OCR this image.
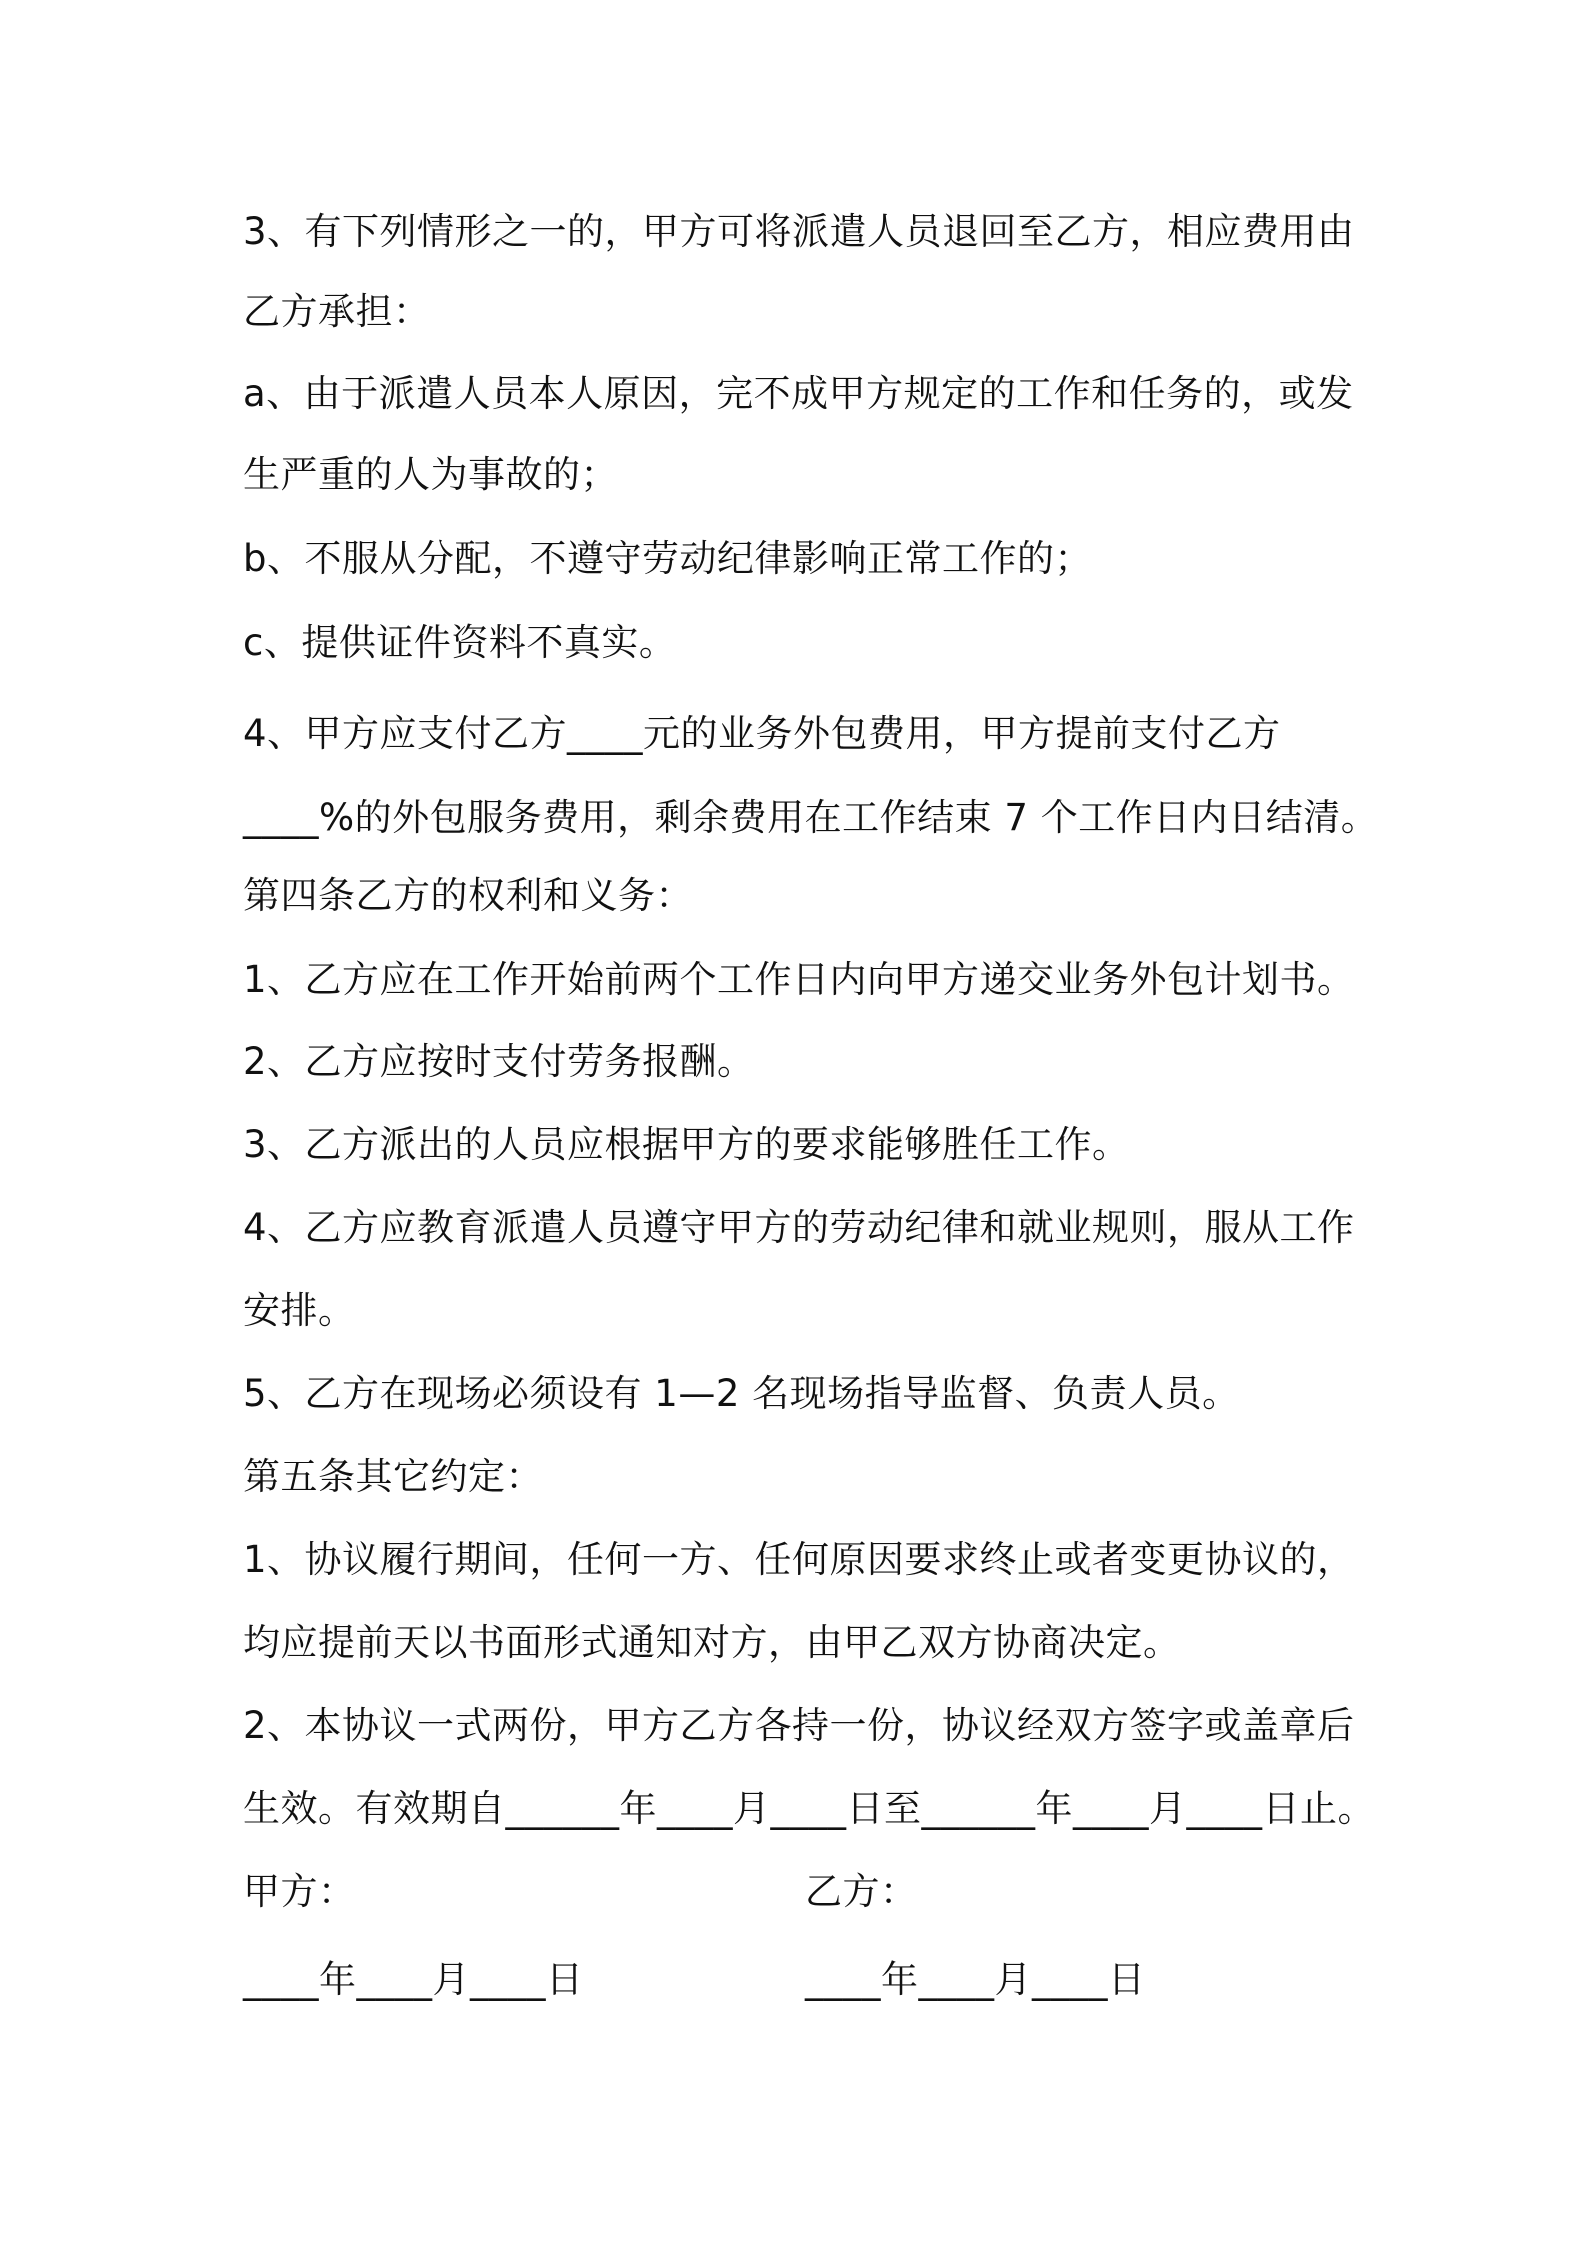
3、有下列情形之一的，甲方可将派遣人员退回至乙方，相应费用由
乙方承担：
a、由于派遣人员本人原因，完不成甲方规定的工作和任务的，或发
生严重的人为事故的；
b、不服从分配，不遵守劳动纪律影响正常工作的；
c、提供证件资料不真实。
4、甲方应支付乙方____元的业务外包费用，甲方提前支付乙方
____%的外包服务费用，剩余费用在工作结束 7 个工作日内日结清。
第四条乙方的权利和义务：
1、乙方应在工作开始前两个工作日内向甲方递交业务外包计划书。
2、乙方应按时支付劳务报酬。
3、乙方派出的人员应根据甲方的要求能够胜任工作。
4、乙方应教育派遣人员遵守甲方的劳动纪律和就业规则，服从工作
安排。
5、乙方在现场必须设有 1—2 名现场指导监督、负责人员。
第五条其它约定：
1、协议履行期间，任何一方、任何原因要求终止或者变更协议的，
均应提前天以书面形式通知对方，由甲乙双方协商决定。
2、本协议一式两份，甲方乙方各持一份，协议经双方签字或盖章后
生效。有效期自______年____月____日至______年____月____日止。
甲方：	乙方：
____年____月____日	____年____月____日
